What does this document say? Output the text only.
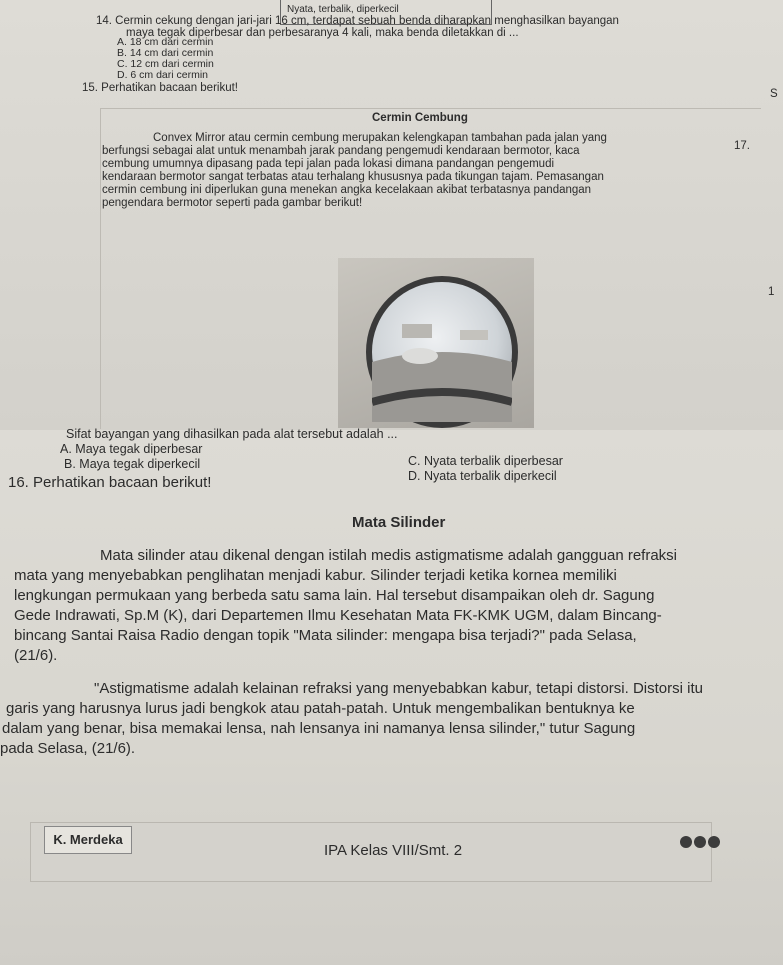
Nyata, terbalik, diperkecil
14. Cermin cekung dengan jari-jari 16 cm, terdapat sebuah benda diharapkan menghasilkan bayangan
maya tegak diperbesar dan perbesaranya 4 kali, maka benda diletakkan di ...
A. 18 cm dari cermin
B. 14 cm dari cermin
C. 12 cm dari cermin
D. 6 cm dari cermin
15. Perhatikan bacaan berikut!
Cermin Cembung
Convex Mirror atau cermin cembung merupakan kelengkapan tambahan pada jalan yang
berfungsi sebagai alat untuk menambah jarak pandang pengemudi kendaraan bermotor, kaca
cembung umumnya dipasang pada tepi jalan pada lokasi dimana pandangan pengemudi
kendaraan bermotor sangat terbatas atau terhalang khususnya pada tikungan tajam. Pemasangan
cermin cembung ini diperlukan guna menekan angka kecelakaan akibat terbatasnya pandangan
pengendara bermotor seperti pada gambar berikut!
Sifat bayangan yang dihasilkan pada alat tersebut adalah ...
A. Maya tegak diperbesar
B. Maya tegak diperkecil	C. Nyata terbalik diperbesar
D. Nyata terbalik diperkecil
17.
1
S
16. Perhatikan bacaan berikut!
Mata Silinder
Mata silinder atau dikenal dengan istilah medis astigmatisme adalah gangguan refraksi
mata yang menyebabkan penglihatan menjadi kabur. Silinder terjadi ketika kornea memiliki
lengkungan permukaan yang berbeda satu sama lain. Hal tersebut disampaikan oleh dr. Sagung
Gede Indrawati, Sp.M (K), dari Departemen Ilmu Kesehatan Mata FK-KMK UGM, dalam Bincang-
bincang Santai Raisa Radio dengan topik "Mata silinder: mengapa bisa terjadi?" pada Selasa,
(21/6).
"Astigmatisme adalah kelainan refraksi yang menyebabkan kabur, tetapi distorsi. Distorsi itu
garis yang harusnya lurus jadi bengkok atau patah-patah. Untuk mengembalikan bentuknya ke
dalam yang benar, bisa memakai lensa, nah lensanya ini namanya lensa silinder," tutur Sagung
pada Selasa, (21/6).
K. Merdeka
IPA Kelas VIII/Smt. 2
